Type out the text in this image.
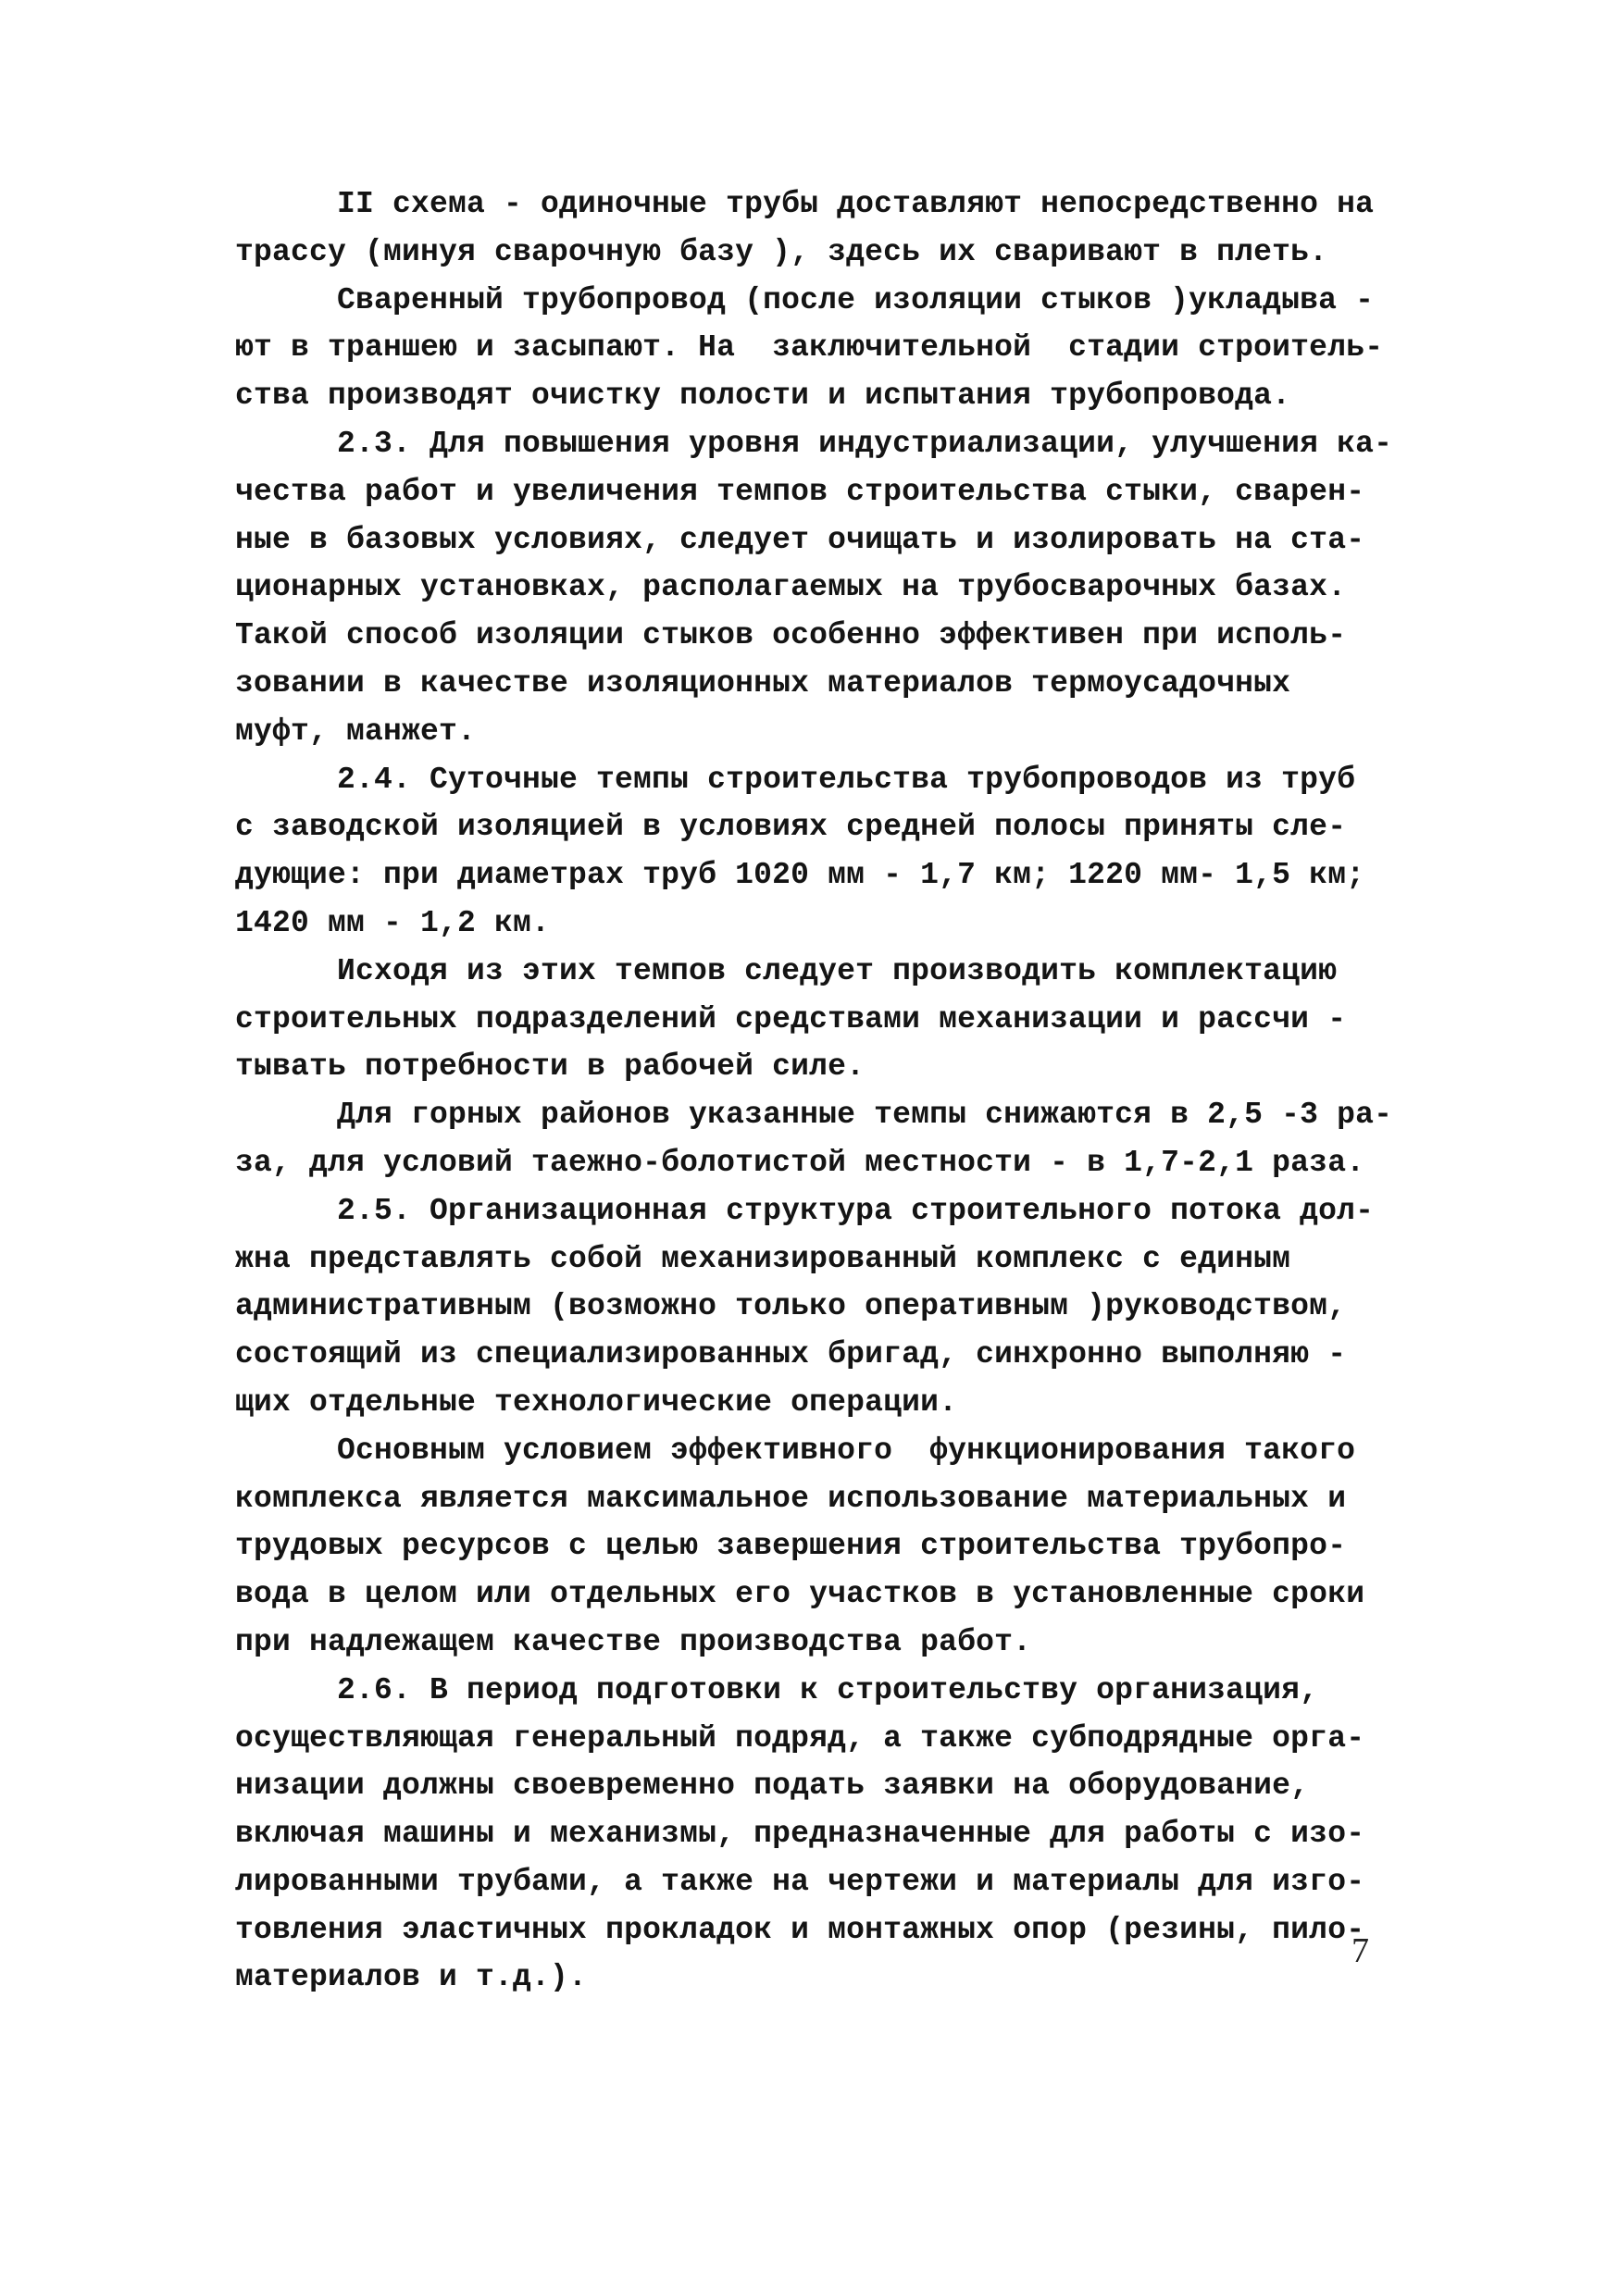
II схема - одиночные трубы доставляют непосредственно на
трассу (минуя сварочную базу ), здесь их сваривают в плеть.
Сваренный трубопровод (после изоляции стыков )укладыва -
ют в траншею и засыпают. На  заключительной  стадии строитель-
ства производят очистку полости и испытания трубопровода.
2.3. Для повышения уровня индустриализации, улучшения ка-
чества работ и увеличения темпов строительства стыки, сварен-
ные в базовых условиях, следует очищать и изолировать на ста-
ционарных установках, располагаемых на трубосварочных базах.
Такой способ изоляции стыков особенно эффективен при исполь-
зовании в качестве изоляционных материалов термоусадочных
муфт, манжет.
2.4. Суточные темпы строительства трубопроводов из труб
с заводской изоляцией в условиях средней полосы приняты сле-
дующие: при диаметрах труб 1020 мм - 1,7 км; 1220 мм- 1,5 км;
1420 мм - 1,2 км.
Исходя из этих темпов следует производить комплектацию
строительных подразделений средствами механизации и рассчи -
тывать потребности в рабочей силе.
Для горных районов указанные темпы снижаются в 2,5 -3 ра-
за, для условий таежно-болотистой местности - в 1,7-2,1 раза.
2.5. Организационная структура строительного потока дол-
жна представлять собой механизированный комплекс с единым
административным (возможно только оперативным )руководством,
состоящий из специализированных бригад, синхронно выполняю -
щих отдельные технологические операции.
Основным условием эффективного  функционирования такого
комплекса является максимальное использование материальных и
трудовых ресурсов с целью завершения строительства трубопро-
вода в целом или отдельных его участков в установленные сроки
при надлежащем качестве производства работ.
2.6. В период подготовки к строительству организация,
осуществляющая генеральный подряд, а также субподрядные орга-
низации должны своевременно подать заявки на оборудование,
включая машины и механизмы, предназначенные для работы с изо-
лированными трубами, а также на чертежи и материалы для изго-
товления эластичных прокладок и монтажных опор (резины, пило-
материалов и т.д.).
7
